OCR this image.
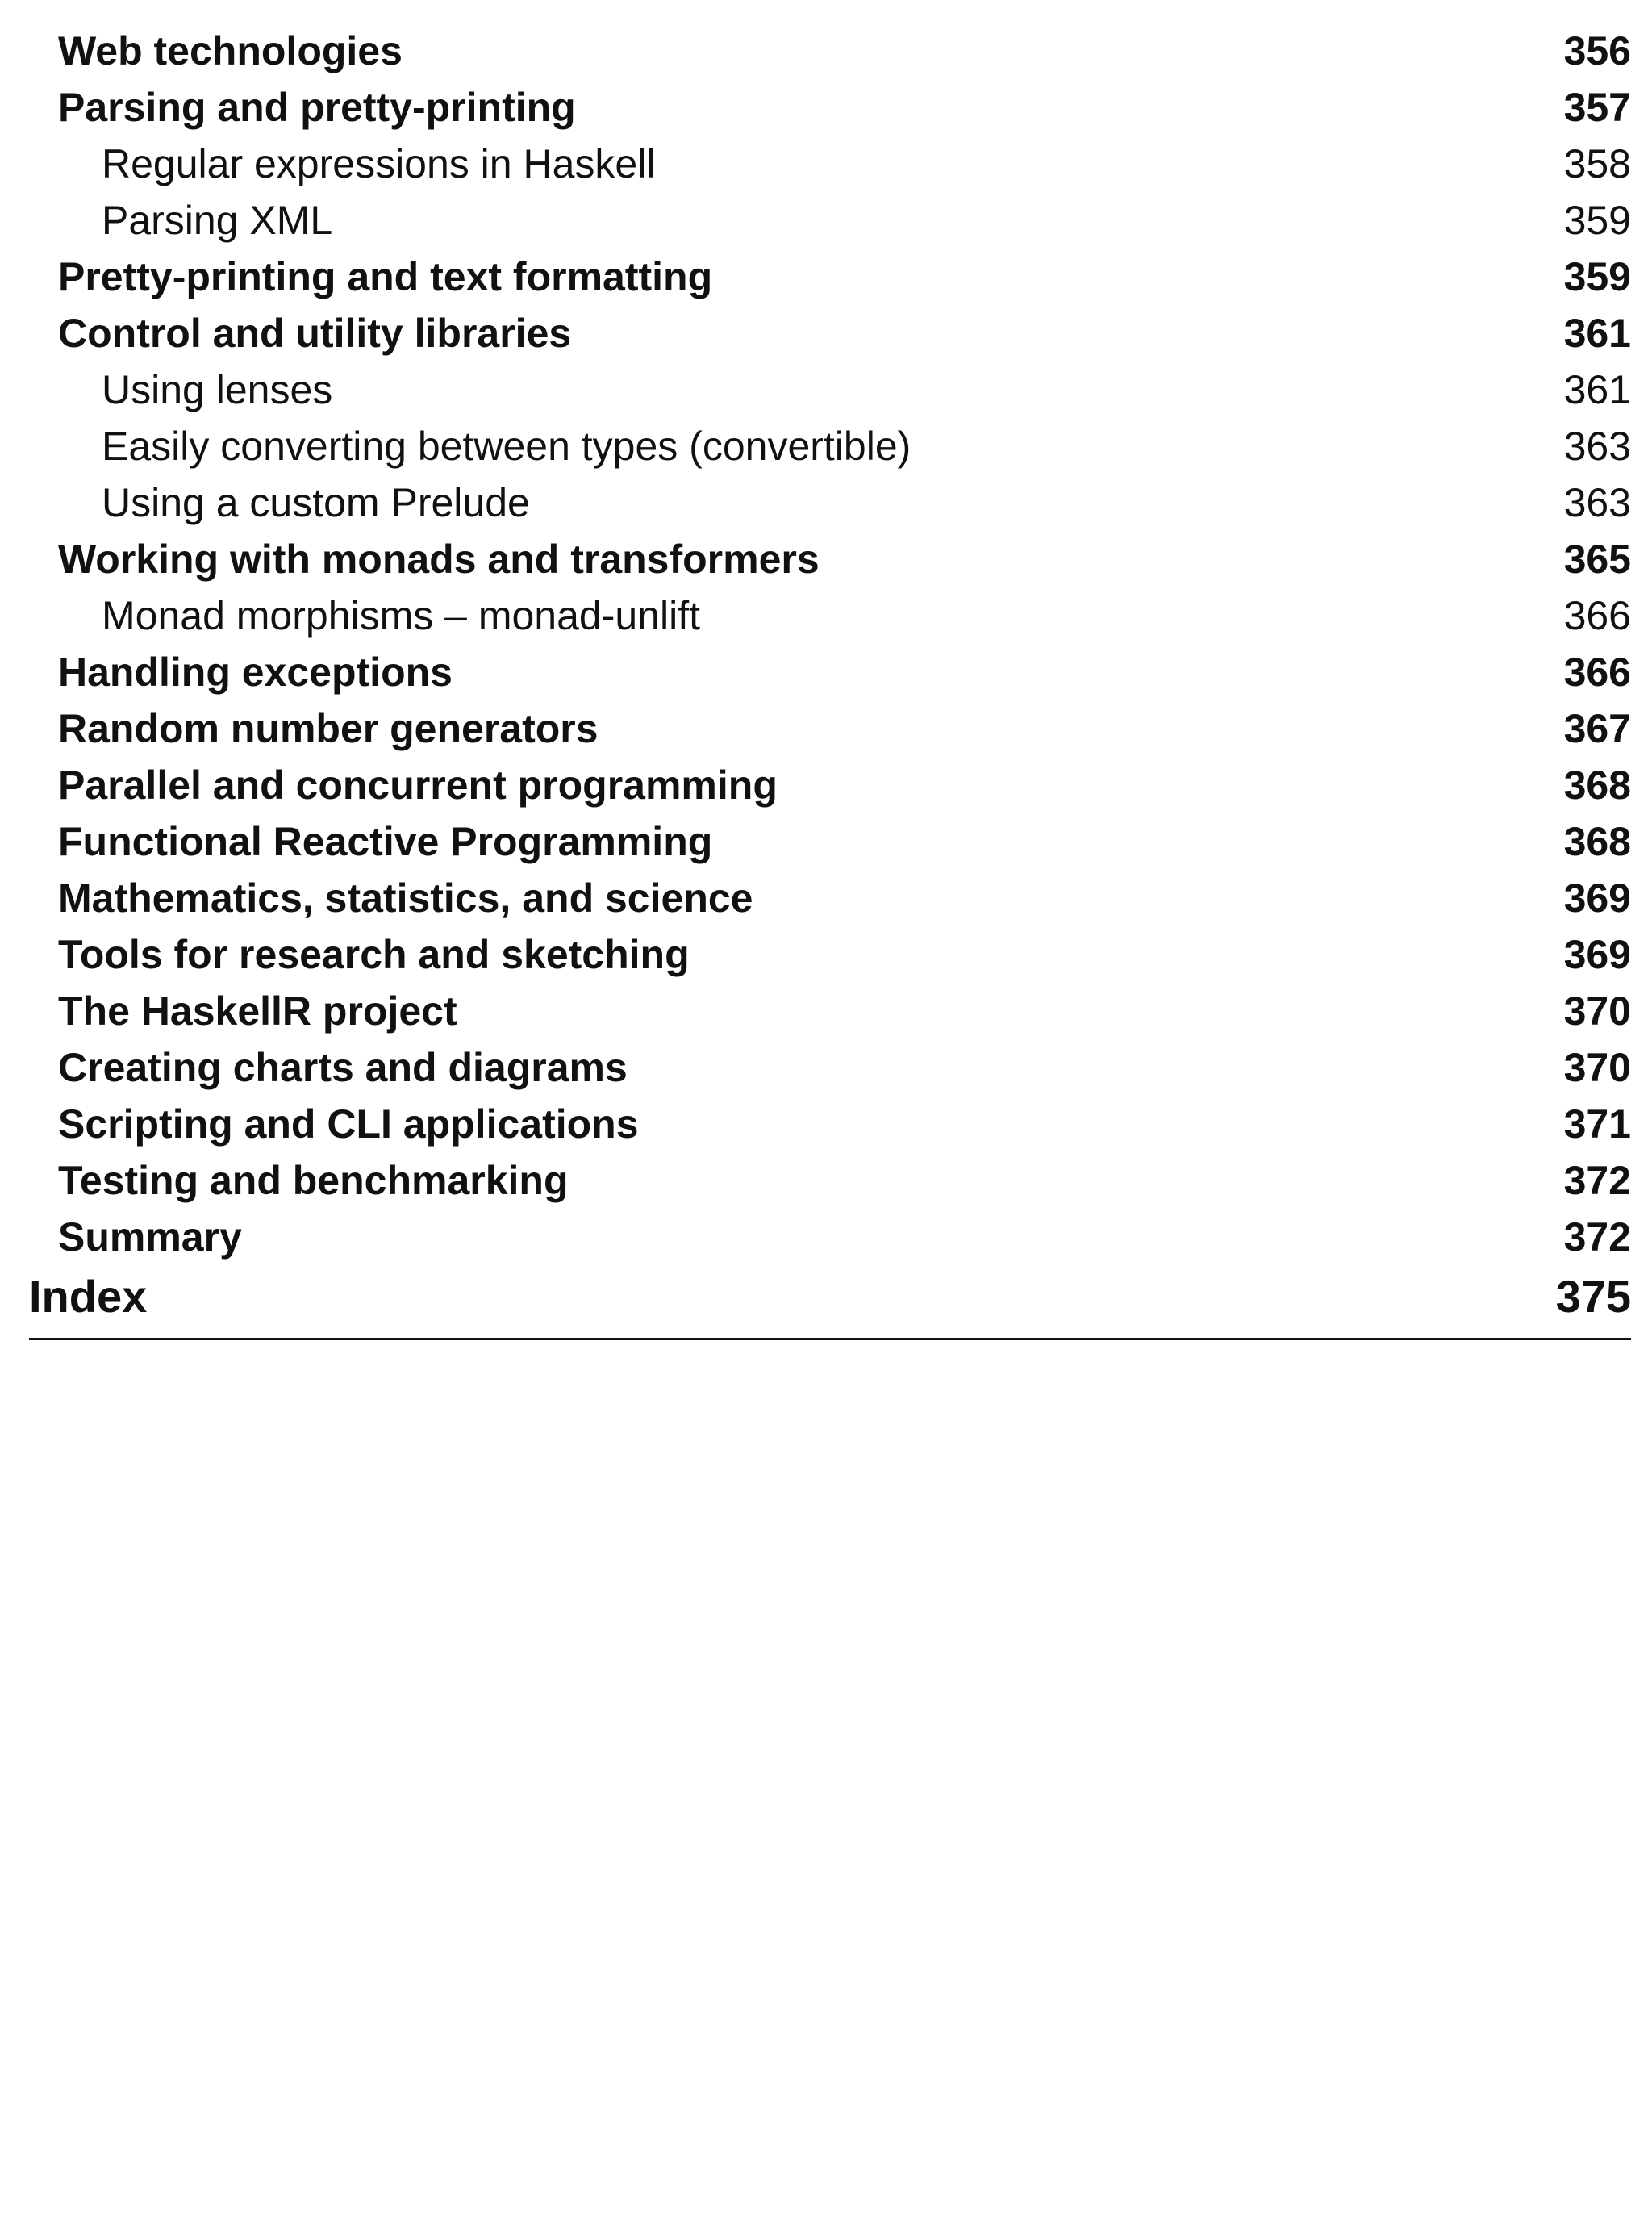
Web technologies	356
Parsing and pretty-printing	357
Regular expressions in Haskell	358
Parsing XML	359
Pretty-printing and text formatting	359
Control and utility libraries	361
Using lenses	361
Easily converting between types (convertible)	363
Using a custom Prelude	363
Working with monads and transformers	365
Monad morphisms – monad-unlift	366
Handling exceptions	366
Random number generators	367
Parallel and concurrent programming	368
Functional Reactive Programming	368
Mathematics, statistics, and science	369
Tools for research and sketching	369
The HaskellR project	370
Creating charts and diagrams	370
Scripting and CLI applications	371
Testing and benchmarking	372
Summary	372
Index	375
